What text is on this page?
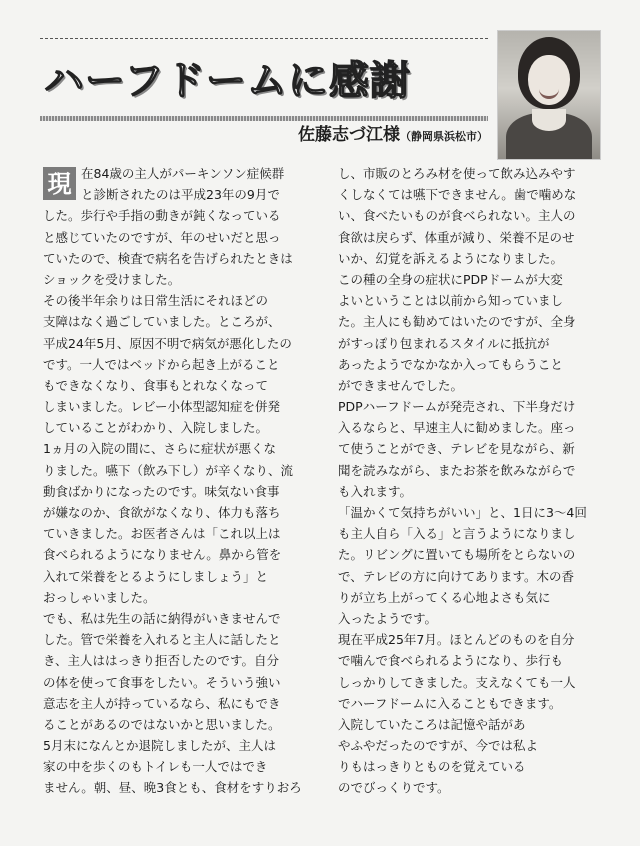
ハーフドームに感謝
佐藤志づ江様（静岡県浜松市）
現 在84歳の主人がパーキンソン症候群
と診断されたのは平成23年の9月で
した。歩行や手指の動きが鈍くなっている
と感じていたのですが、年のせいだと思っ
ていたので、検査で病名を告げられたときは
ショックを受けました。
その後半年余りは日常生活にそれほどの
支障はなく過ごしていました。ところが、
平成24年5月、原因不明で病気が悪化したの
です。一人ではベッドから起き上がること
もできなくなり、食事もとれなくなって
しまいました。レビー小体型認知症を併発
していることがわかり、入院しました。
1ヵ月の入院の間に、さらに症状が悪くな
りました。嚥下（飲み下し）が辛くなり、流
動食ばかりになったのです。味気ない食事
が嫌なのか、食欲がなくなり、体力も落ち
ていきました。お医者さんは「これ以上は
食べられるようになりません。鼻から管を
入れて栄養をとるようにしましょう」と
おっしゃいました。
でも、私は先生の話に納得がいきませんで
した。管で栄養を入れると主人に話したと
き、主人ははっきり拒否したのです。自分
の体を使って食事をしたい。そういう強い
意志を主人が持っているなら、私にもでき
ることがあるのではないかと思いました。
5月末になんとか退院しましたが、主人は
家の中を歩くのもトイレも一人ではでき
ません。朝、昼、晩3食とも、食材をすりおろ
し、市販のとろみ材を使って飲み込みやす
くしなくては嚥下できません。歯で噛めな
い、食べたいものが食べられない。主人の
食欲は戻らず、体重が減り、栄養不足のせ
いか、幻覚を訴えるようになりました。
この種の全身の症状にPDPドームが大変
よいということは以前から知っていまし
た。主人にも勧めてはいたのですが、全身
がすっぽり包まれるスタイルに抵抗が
あったようでなかなか入ってもらうこと
ができませんでした。
PDPハーフドームが発売され、下半身だけ
入るならと、早速主人に勧めました。座っ
て使うことができ、テレビを見ながら、新
聞を読みながら、またお茶を飲みながらで
も入れます。
「温かくて気持ちがいい」と、1日に3～4回
も主人自ら「入る」と言うようになりまし
た。リビングに置いても場所をとらないの
で、テレビの方に向けてあります。木の香
りが立ち上がってくる心地よさも気に
入ったようです。
現在平成25年7月。ほとんどのものを自分
で噛んで食べられるようになり、歩行も
しっかりしてきました。支えなくても一人
でハーフドームに入ることもできます。
入院していたころは記憶や話があ
やふやだったのですが、今では私よ
りもはっきりとものを覚えている
のでびっくりです。
